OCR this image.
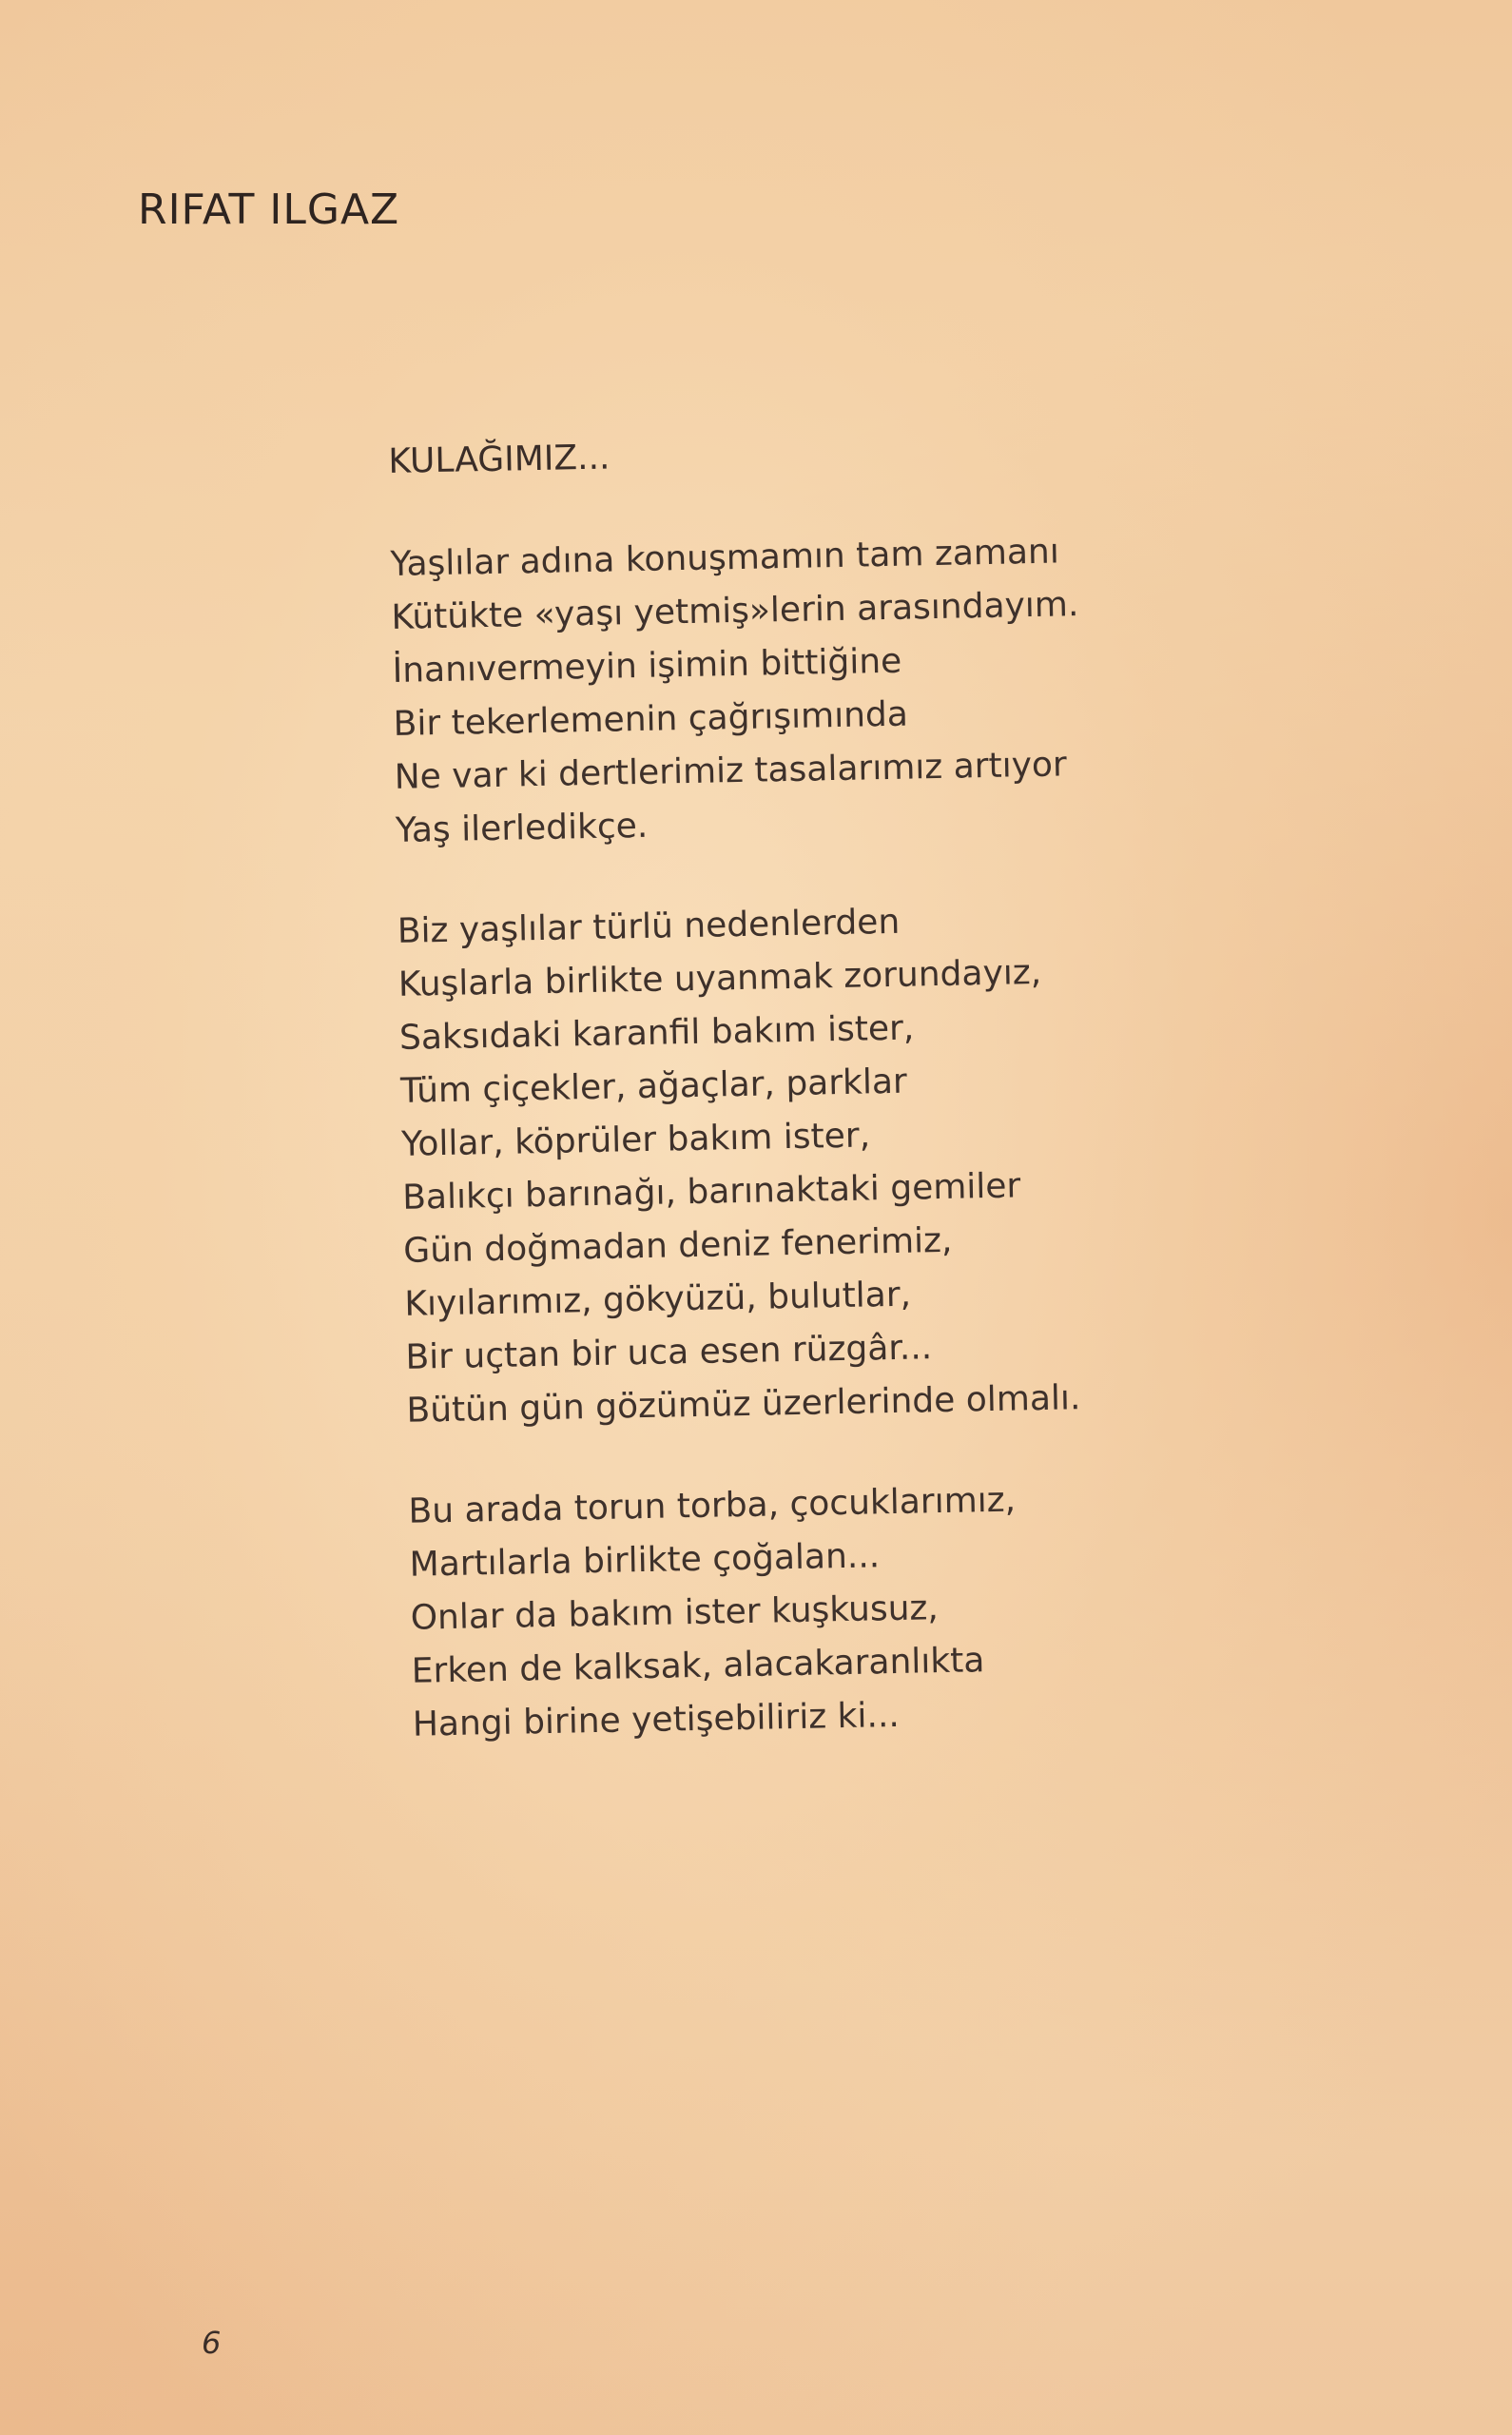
RIFAT ILGAZ
KULAĞIMIZ...
Yaşlılar adına konuşmamın tam zamanı
Kütükte «yaşı yetmiş»lerin arasındayım.
İnanıvermeyin işimin bittiğine
Bir tekerlemenin çağrışımında
Ne var ki dertlerimiz tasalarımız artıyor
Yaş ilerledikçe.
Biz yaşlılar türlü nedenlerden
Kuşlarla birlikte uyanmak zorundayız,
Saksıdaki karanfil bakım ister,
Tüm çiçekler, ağaçlar, parklar
Yollar, köprüler bakım ister,
Balıkçı barınağı, barınaktaki gemiler
Gün doğmadan deniz fenerimiz,
Kıyılarımız, gökyüzü, bulutlar,
Bir uçtan bir uca esen rüzgâr...
Bütün gün gözümüz üzerlerinde olmalı.
Bu arada torun torba, çocuklarımız,
Martılarla birlikte çoğalan...
Onlar da bakım ister kuşkusuz,
Erken de kalksak, alacakaranlıkta
Hangi birine yetişebiliriz ki...
6
